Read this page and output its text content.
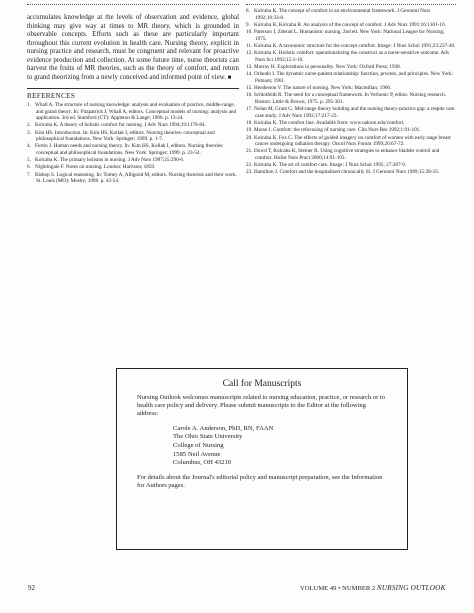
accumulates knowledge at the levels of observation and evidence, global thinking may give way at times to MR theory, which is grounded in observable concepts. Efforts such as these are particularly important throughout this current evolution in health care. Nursing theory, explicit in nursing practice and research, must be congruent and relevant for proactive evidence production and collection. At some future time, nurse theorists can harvest the fruits of MR theories, such as the theory of comfort, and return to grand theorizing from a newly conceived and informed point of view. ■

REFERENCES
1. Whall A. The structure of nursing knowledge: analysis and evaluation of practice, middle-range, and grand theory. In: Fitzpatrick J, Whall A, editors. Conceptual models of nursing: analysis and application. 3rd ed. Stamford (CT): Appleton & Lange; 1996. p. 13-24.
2. Kolcaba K. A theory of holistic comfort for nursing. J Adv Nurs 1994;19:1178-84.
3. Kim HS. Introduction. In: Kim HS, Kollak I, editors. Nursing theories: conceptual and philosophical foundations. New York: Springer; 1999. p. 1-7.
4. Fortin J. Human needs and nursing theory. In: Kim HS, Kollak I, editors. Nursing theories: conceptual and philosophical foundations. New York: Springer; 1999. p. 23-54.
5. Kolcaba K. The primary holisms in nursing. J Adv Nurs 1997;25:290-6.
6. Nightingale F. Notes on nursing. London: Harrison; 1859.
7. Bishop S. Logical reasoning. In: Tomey A, Alligood M, editors. Nursing theorists and their work. St. Louis (MO): Mosby; 1998. p. 43-54.
8. Kolcaba K. The concept of comfort in an environmental framework. J Gerontol Nurs 1992;18:33-8.
9. Kolcaba K, Kolcaba R. An analysis of the concept of comfort. J Adv Nurs 1991;16:1301-10.
10. Paterson J, Zderad L. Humanistic nursing. 2nd ed. New York: National League for Nursing; 1975.
11. Kolcaba K. A taxonomic structure for the concept comfort. Image: J Nurs Schol 1991;23:237-40.
12. Kolcaba K. Holistic comfort: operationalizing the construct as a nurse-sensitive outcome. Adv Nurs Sci 1992;15:1-10.
13. Murray H. Explorations in personality. New York: Oxford Press; 1938.
14. Orlando I. The dynamic nurse-patient relationship: function, process, and principles. New York: Putnam; 1961.
15. Henderson V. The nature of nursing. New York: Macmillan; 1966.
16. Schlotfeldt R. The need for a conceptual framework. In Verhonic P, editor. Nursing research. Boston: Little & Brown; 1975. p. 295-301.
17. Nolan M, Grant G. Mid-range theory building and the nursing theory-practice gap: a respite care case study. J Adv Nurs 1992;17:217-23.
18. Kolcaba K. The comfort line. Available from: www.uakron.edu/comfort.
19. Morse J. Comfort: the refocusing of nursing care. Clin Nurs Res 1992;1:91-101.
20. Kolcaba K, Fox C. The effects of guided imagery on comfort of women with early stage breast cancer undergoing radiation therapy. Oncol Nurs Forum 1999;26:67-72.
21. Dowd T, Kolcaba K, Steiner R. Using cognitive strategies to enhance bladder control and comfort. Holist Nurs Pract 2000;14:91-103.
22. Kolcaba K. The art of comfort care. Image: J Nurs Schol 1995; 27:287-9.
23. Hamilton J. Comfort and the hospitalized chronically ill. J Gerontol Nurs 1989;15:28-33.
Call for Manuscripts

Nursing Outlook welcomes manuscripts related to nursing education, practice, or research or to health care policy and delivery. Please submit manuscripts to the Editor at the following address:

Carole A. Anderson, PhD, RN, FAAN
The Ohio State University
College of Nursing
1585 Neil Avenue
Columbus, OH 43210

For details about the Journal's editorial policy and manuscript preparation, see the Information for Authors pages.

92	VOLUME 49 • NUMBER 2 NURSING OUTLOOK
